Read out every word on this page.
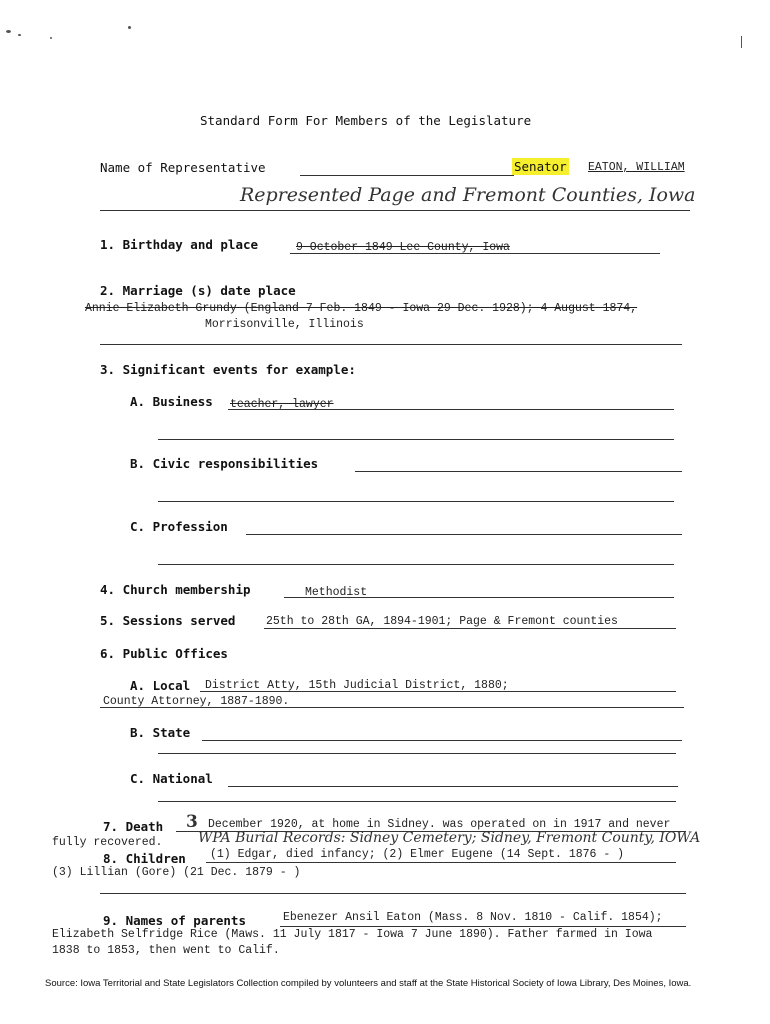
Standard Form For Members of the Legislature
Name of Representative	Senator EATON, WILLIAM
Represented Page and Fremont Counties, Iowa
1. Birthday and place	9 October 1849 Lee County, Iowa
2. Marriage (s) date place
Annie Elizabeth Grundy (England 7 Feb. 1849 - Iowa 29 Dec. 1928); 4 August 1874,
Morrisonville, Illinois
3. Significant events for example:
A. Business teacher, lawyer
B. Civic responsibilities
C. Profession
4. Church membership	Methodist
5. Sessions served	25th to 28th GA, 1894-1901; Page & Fremont counties
6. Public Offices
A. Local District Atty, 15th Judicial District, 1880;
County Attorney, 1887-1890.
B. State
C. National
7. Death 3 December 1920, at home in Sidney. was operated on in 1917 and never
fully recovered.	WPA Burial Records: Sidney Cemetery; Sidney, Fremont County, IOWA
8. Children (1) Edgar, died infancy; (2) Elmer Eugene (14 Sept. 1876 - )
(3) Lillian (Gore) (21 Dec. 1879 - )
9. Names of parents	Ebenezer Ansil Eaton (Mass. 8 Nov. 1810 - Calif. 1854);
Elizabeth Selfridge Rice (Maws. 11 July 1817 - Iowa 7 June 1890). Father farmed in Iowa
1838 to 1853, then went to Calif.
Source: Iowa Territorial and State Legislators Collection compiled by volunteers and staff at the State Historical Society of Iowa Library, Des Moines, Iowa.
